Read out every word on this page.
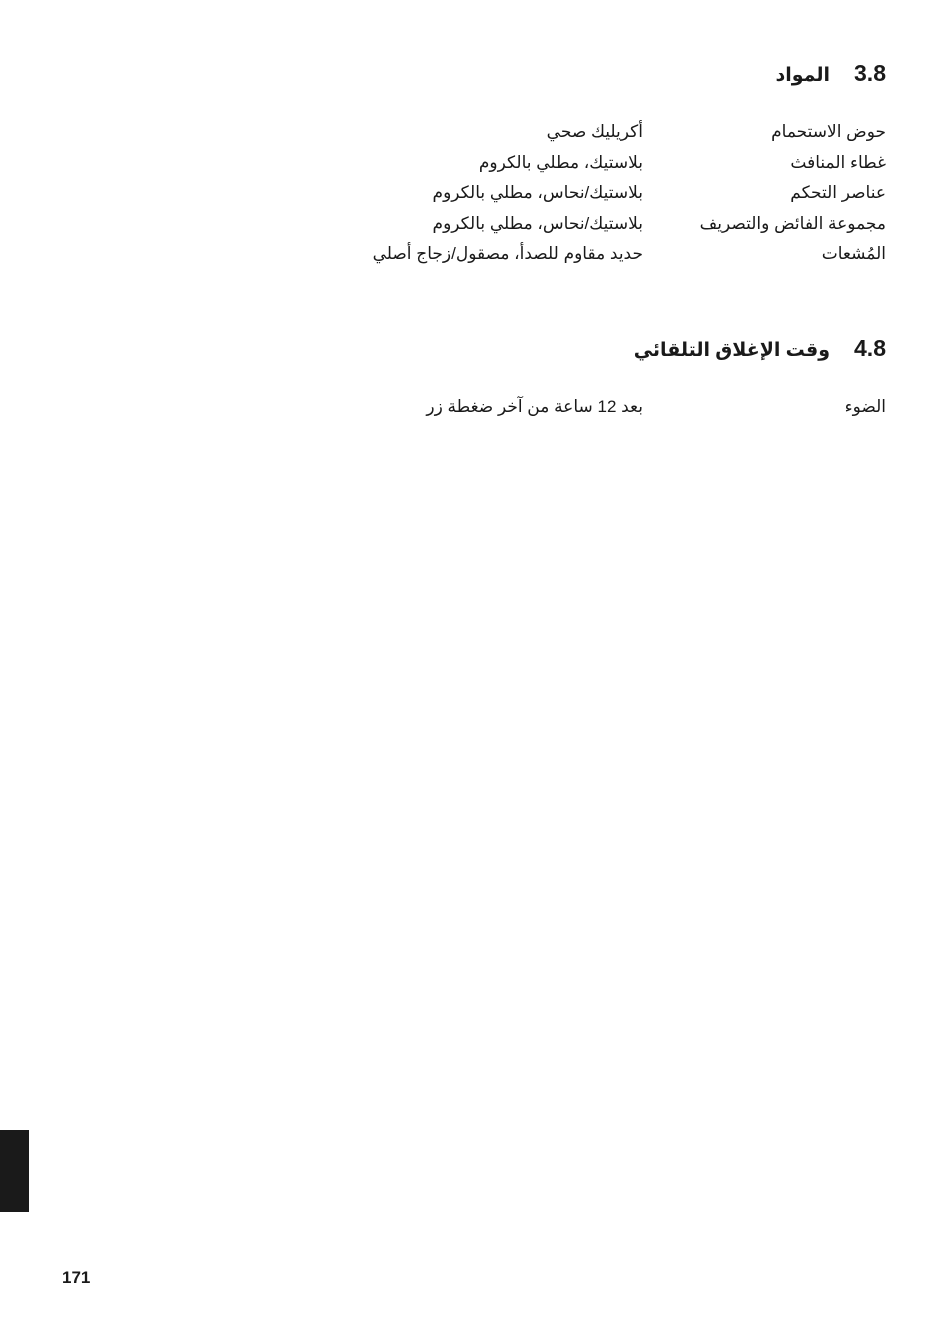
3.8
المواد
حوض الاستحمام
أكريليك صحي
غطاء المنافث
بلاستيك، مطلي بالكروم
عناصر التحكم
بلاستيك/نحاس، مطلي بالكروم
مجموعة الفائض والتصريف
بلاستيك/نحاس، مطلي بالكروم
المُشعات
حديد مقاوم للصدأ، مصقول/زجاج أصلي
4.8
وقت الإغلاق التلقائي
الضوء
بعد 12 ساعة من آخر ضغطة زر
171
